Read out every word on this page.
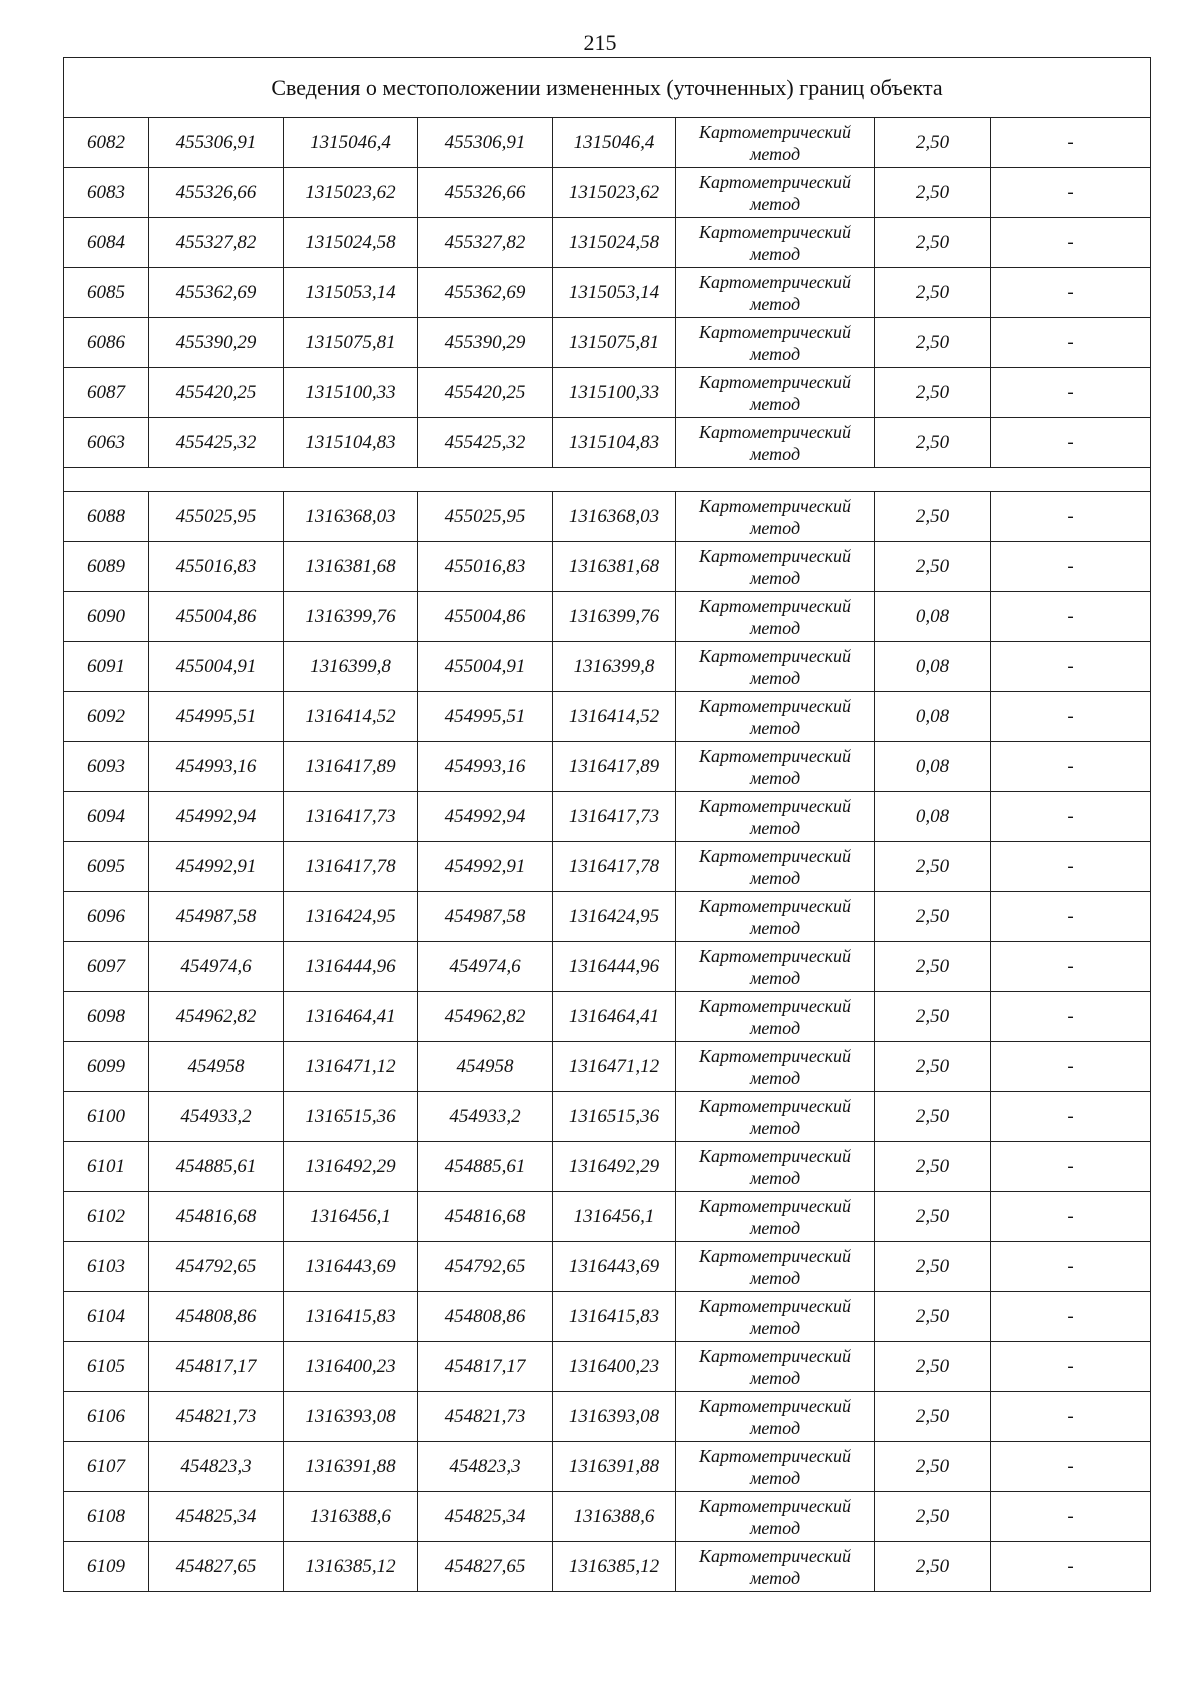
215
Сведения о местоположении измененных (уточненных) границ объекта							
6082	455306,91	1315046,4	455306,91	1315046,4	Картометрический
метод	2,50	-
6083	455326,66	1315023,62	455326,66	1315023,62	Картометрический
метод	2,50	-
6084	455327,82	1315024,58	455327,82	1315024,58	Картометрический
метод	2,50	-
6085	455362,69	1315053,14	455362,69	1315053,14	Картометрический
метод	2,50	-
6086	455390,29	1315075,81	455390,29	1315075,81	Картометрический
метод	2,50	-
6087	455420,25	1315100,33	455420,25	1315100,33	Картометрический
метод	2,50	-
6063	455425,32	1315104,83	455425,32	1315104,83	Картометрический
метод	2,50	-

6088	455025,95	1316368,03	455025,95	1316368,03	Картометрический
метод	2,50	-
6089	455016,83	1316381,68	455016,83	1316381,68	Картометрический
метод	2,50	-
6090	455004,86	1316399,76	455004,86	1316399,76	Картометрический
метод	0,08	-
6091	455004,91	1316399,8	455004,91	1316399,8	Картометрический
метод	0,08	-
6092	454995,51	1316414,52	454995,51	1316414,52	Картометрический
метод	0,08	-
6093	454993,16	1316417,89	454993,16	1316417,89	Картометрический
метод	0,08	-
6094	454992,94	1316417,73	454992,94	1316417,73	Картометрический
метод	0,08	-
6095	454992,91	1316417,78	454992,91	1316417,78	Картометрический
метод	2,50	-
6096	454987,58	1316424,95	454987,58	1316424,95	Картометрический
метод	2,50	-
6097	454974,6	1316444,96	454974,6	1316444,96	Картометрический
метод	2,50	-
6098	454962,82	1316464,41	454962,82	1316464,41	Картометрический
метод	2,50	-
6099	454958	1316471,12	454958	1316471,12	Картометрический
метод	2,50	-
6100	454933,2	1316515,36	454933,2	1316515,36	Картометрический
метод	2,50	-
6101	454885,61	1316492,29	454885,61	1316492,29	Картометрический
метод	2,50	-
6102	454816,68	1316456,1	454816,68	1316456,1	Картометрический
метод	2,50	-
6103	454792,65	1316443,69	454792,65	1316443,69	Картометрический
метод	2,50	-
6104	454808,86	1316415,83	454808,86	1316415,83	Картометрический
метод	2,50	-
6105	454817,17	1316400,23	454817,17	1316400,23	Картометрический
метод	2,50	-
6106	454821,73	1316393,08	454821,73	1316393,08	Картометрический
метод	2,50	-
6107	454823,3	1316391,88	454823,3	1316391,88	Картометрический
метод	2,50	-
6108	454825,34	1316388,6	454825,34	1316388,6	Картометрический
метод	2,50	-
6109	454827,65	1316385,12	454827,65	1316385,12	Картометрический
метод	2,50	-
